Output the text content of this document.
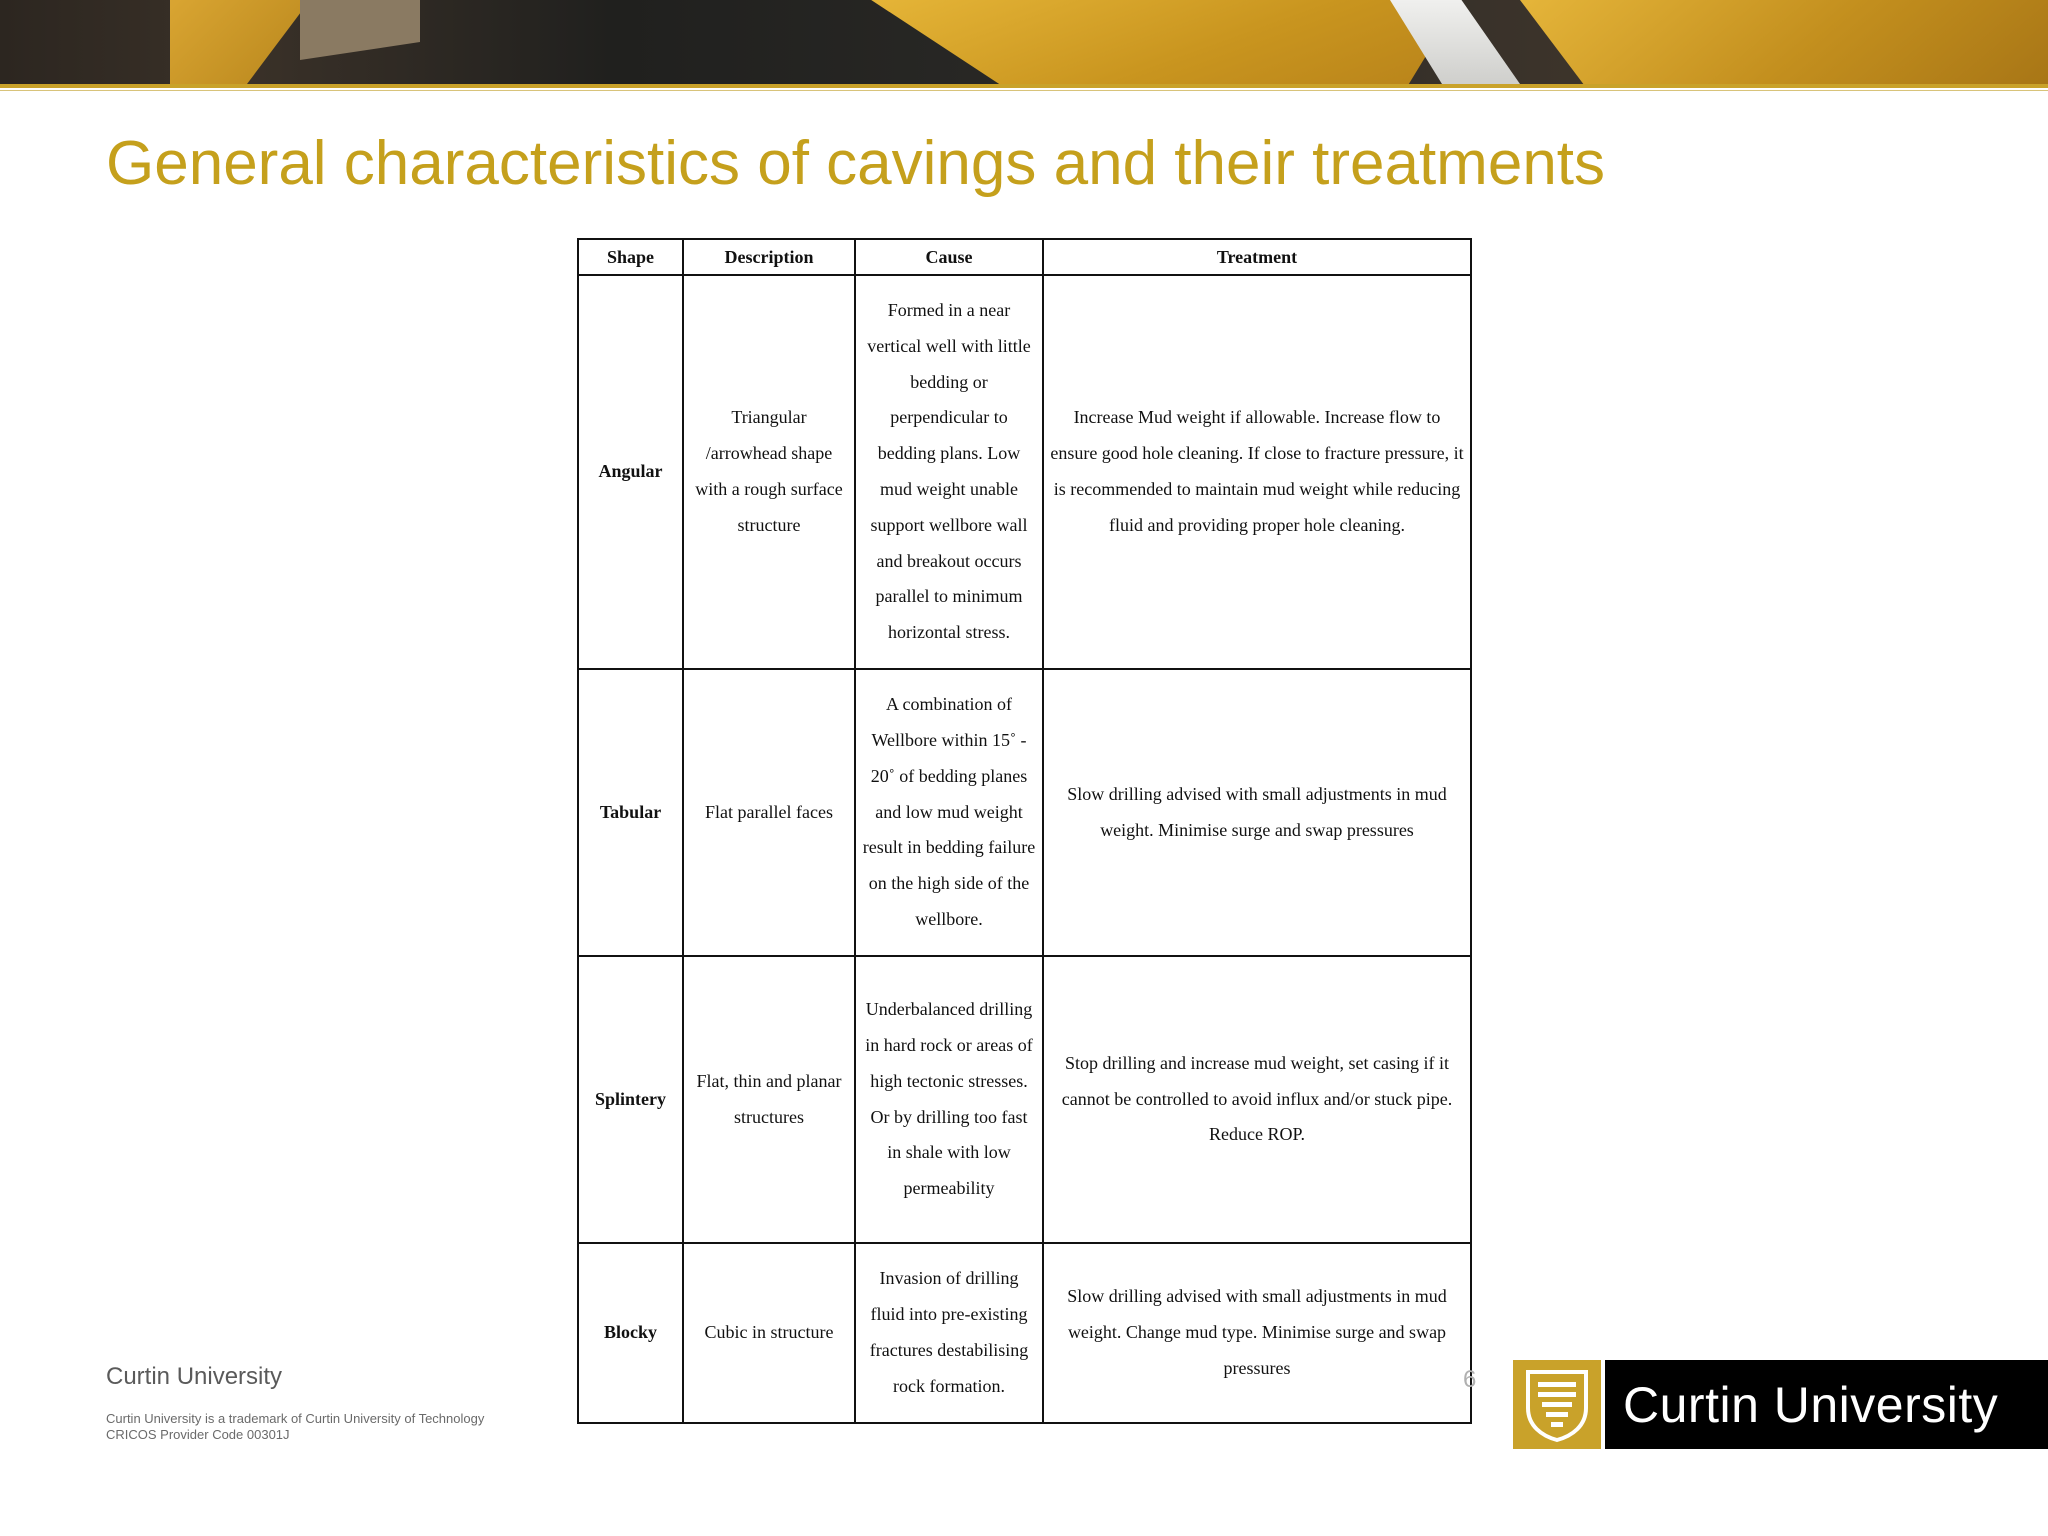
General characteristics of cavings and their treatments
Shape	Description	Cause	Treatment
Angular	Triangular /arrowhead shape with a rough surface structure	Formed in a near vertical well with little bedding or perpendicular to bedding plans. Low mud weight unable support wellbore wall and breakout occurs parallel to minimum horizontal stress.	Increase Mud weight if allowable. Increase flow to ensure good hole cleaning. If close to fracture pressure, it is recommended to maintain mud weight while reducing fluid and providing proper hole cleaning.
Tabular	Flat parallel faces	A combination of Wellbore within 15˚ - 20˚ of bedding planes and low mud weight result in bedding failure on the high side of the wellbore.	Slow drilling advised with small adjustments in mud weight. Minimise surge and swap pressures
Splintery	Flat, thin and planar structures	Underbalanced drilling in hard rock or areas of high tectonic stresses. Or by drilling too fast in shale with low permeability	Stop drilling and increase mud weight, set casing if it cannot be controlled to avoid influx and/or stuck pipe.
Reduce ROP.
Blocky	Cubic in structure	Invasion of drilling fluid into pre-existing fractures destabilising rock formation.	Slow drilling advised with small adjustments in mud weight. Change mud type. Minimise surge and swap pressures
Curtin University
Curtin University is a trademark of Curtin University of Technology
CRICOS Provider Code 00301J
6	Curtin University
